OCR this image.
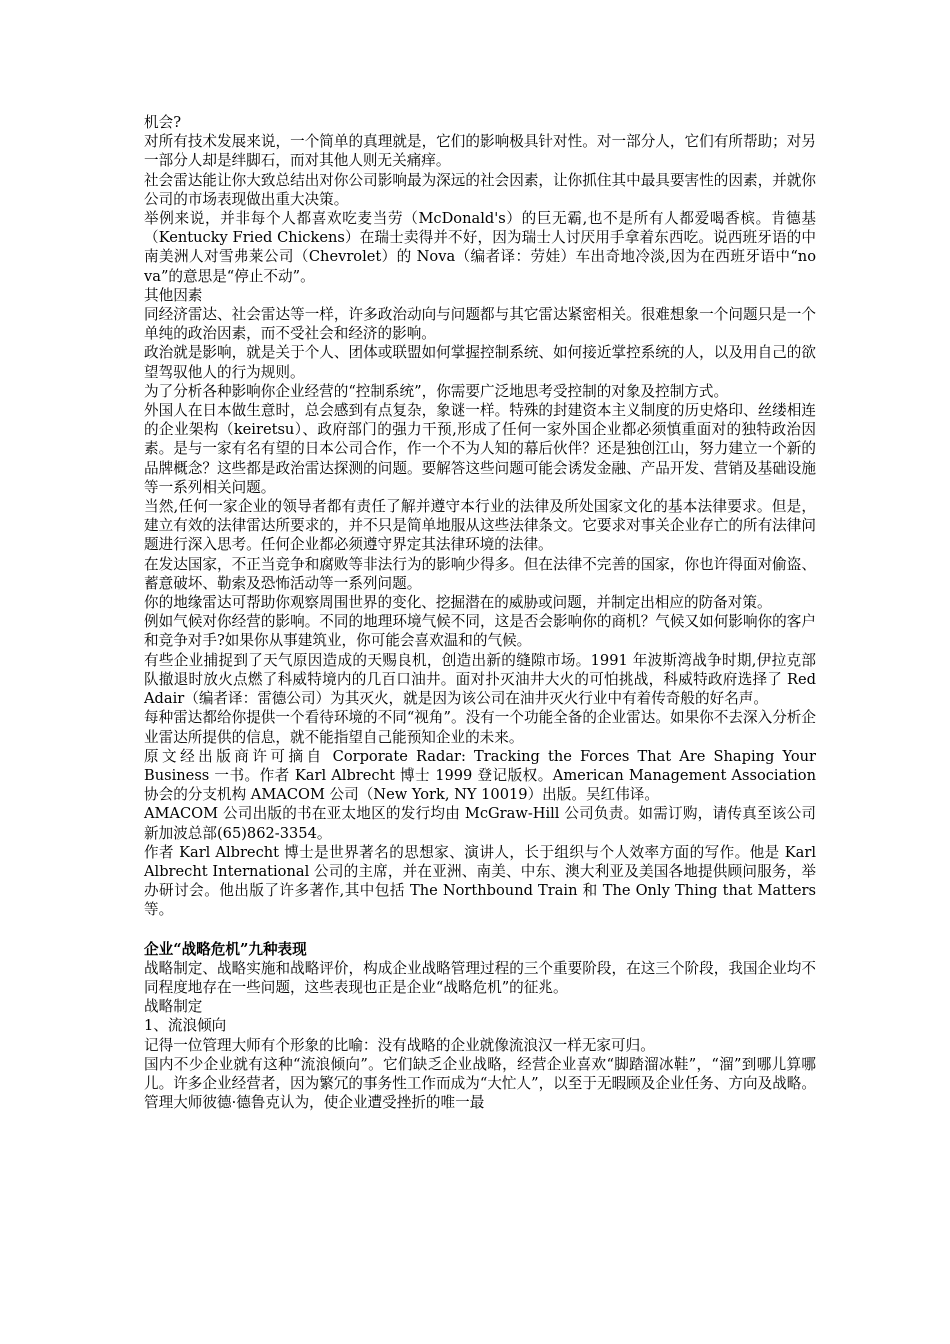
机会?

对所有技术发展来说，一个简单的真理就是，它们的影响极具针对性。对一部分人，它们有所帮助；对另一部分人却是绊脚石，而对其他人则无关痛痒。

社会雷达能让你大致总结出对你公司影响最为深远的社会因素，让你抓住其中最具要害性的因素，并就你公司的市场表现做出重大决策。

举例来说，并非每个人都喜欢吃麦当劳（McDonald's）的巨无霸,也不是所有人都爱喝香槟。肯德基（Kentucky Fried Chickens）在瑞士卖得并不好，因为瑞士人讨厌用手拿着东西吃。说西班牙语的中南美洲人对雪弗莱公司（Chevrolet）的 Nova（编者译：劳娃）车出奇地冷淡,因为在西班牙语中“no va”的意思是“停止不动”。

其他因素

同经济雷达、社会雷达等一样，许多政治动向与问题都与其它雷达紧密相关。很难想象一个问题只是一个单纯的政治因素，而不受社会和经济的影响。

政治就是影响，就是关于个人、团体或联盟如何掌握控制系统、如何接近掌控系统的人，以及用自己的欲望驾驭他人的行为规则。

为了分析各种影响你企业经营的“控制系统”，你需要广泛地思考受控制的对象及控制方式。

外国人在日本做生意时，总会感到有点复杂，象谜一样。特殊的封建资本主义制度的历史烙印、丝缕相连的企业架构（keiretsu）、政府部门的强力干预,形成了任何一家外国企业都必须慎重面对的独特政治因素。是与一家有名有望的日本公司合作，作一个不为人知的幕后伙伴？还是独创江山，努力建立一个新的品牌概念？这些都是政治雷达探测的问题。要解答这些问题可能会诱发金融、产品开发、营销及基础设施等一系列相关问题。

当然,任何一家企业的领导者都有责任了解并遵守本行业的法律及所处国家文化的基本法律要求。但是，建立有效的法律雷达所要求的，并不只是简单地服从这些法律条文。它要求对事关企业存亡的所有法律问题进行深入思考。任何企业都必须遵守界定其法律环境的法律。

在发达国家，不正当竞争和腐败等非法行为的影响少得多。但在法律不完善的国家，你也许得面对偷盗、蓄意破坏、勒索及恐怖活动等一系列问题。

你的地缘雷达可帮助你观察周围世界的变化、挖掘潜在的威胁或问题，并制定出相应的防备对策。

例如气候对你经营的影响。不同的地理环境气候不同，这是否会影响你的商机？气候又如何影响你的客户和竞争对手?如果你从事建筑业，你可能会喜欢温和的气候。

有些企业捕捉到了天气原因造成的天赐良机，创造出新的缝隙市场。1991 年波斯湾战争时期,伊拉克部队撤退时放火点燃了科威特境内的几百口油井。面对扑灭油井大火的可怕挑战，科威特政府选择了 Red Adair（编者译：雷德公司）为其灭火，就是因为该公司在油井灭火行业中有着传奇般的好名声。

每种雷达都给你提供一个看待环境的不同“视角”。没有一个功能全备的企业雷达。如果你不去深入分析企业雷达所提供的信息，就不能指望自己能预知企业的未来。

原文经出版商许可摘自 Corporate Radar: Tracking the Forces That Are Shaping Your Business 一书。作者 Karl Albrecht 博士 1999 登记版权。American Management Association 协会的分支机构 AMACOM 公司（New York, NY 10019）出版。吴红伟译。

AMACOM 公司出版的书在亚太地区的发行均由 McGraw-Hill 公司负责。如需订购，请传真至该公司新加波总部(65)862-3354。

作者 Karl Albrecht 博士是世界著名的思想家、演讲人，长于组织与个人效率方面的写作。他是 Karl Albrecht International 公司的主席，并在亚洲、南美、中东、澳大利亚及美国各地提供顾问服务，举办研讨会。他出版了许多著作,其中包括 The Northbound Train 和 The Only Thing that Matters 等。

企业“战略危机”九种表现

战略制定、战略实施和战略评价，构成企业战略管理过程的三个重要阶段，在这三个阶段，我国企业均不同程度地存在一些问题，这些表现也正是企业“战略危机”的征兆。

战略制定

1、流浪倾向

记得一位管理大师有个形象的比喻：没有战略的企业就像流浪汉一样无家可归。

国内不少企业就有这种“流浪倾向”。它们缺乏企业战略，经营企业喜欢“脚踏溜冰鞋”，“溜”到哪儿算哪儿。许多企业经营者，因为繁冗的事务性工作而成为“大忙人”，以至于无暇顾及企业任务、方向及战略。管理大师彼德·德鲁克认为，使企业遭受挫折的唯一最
